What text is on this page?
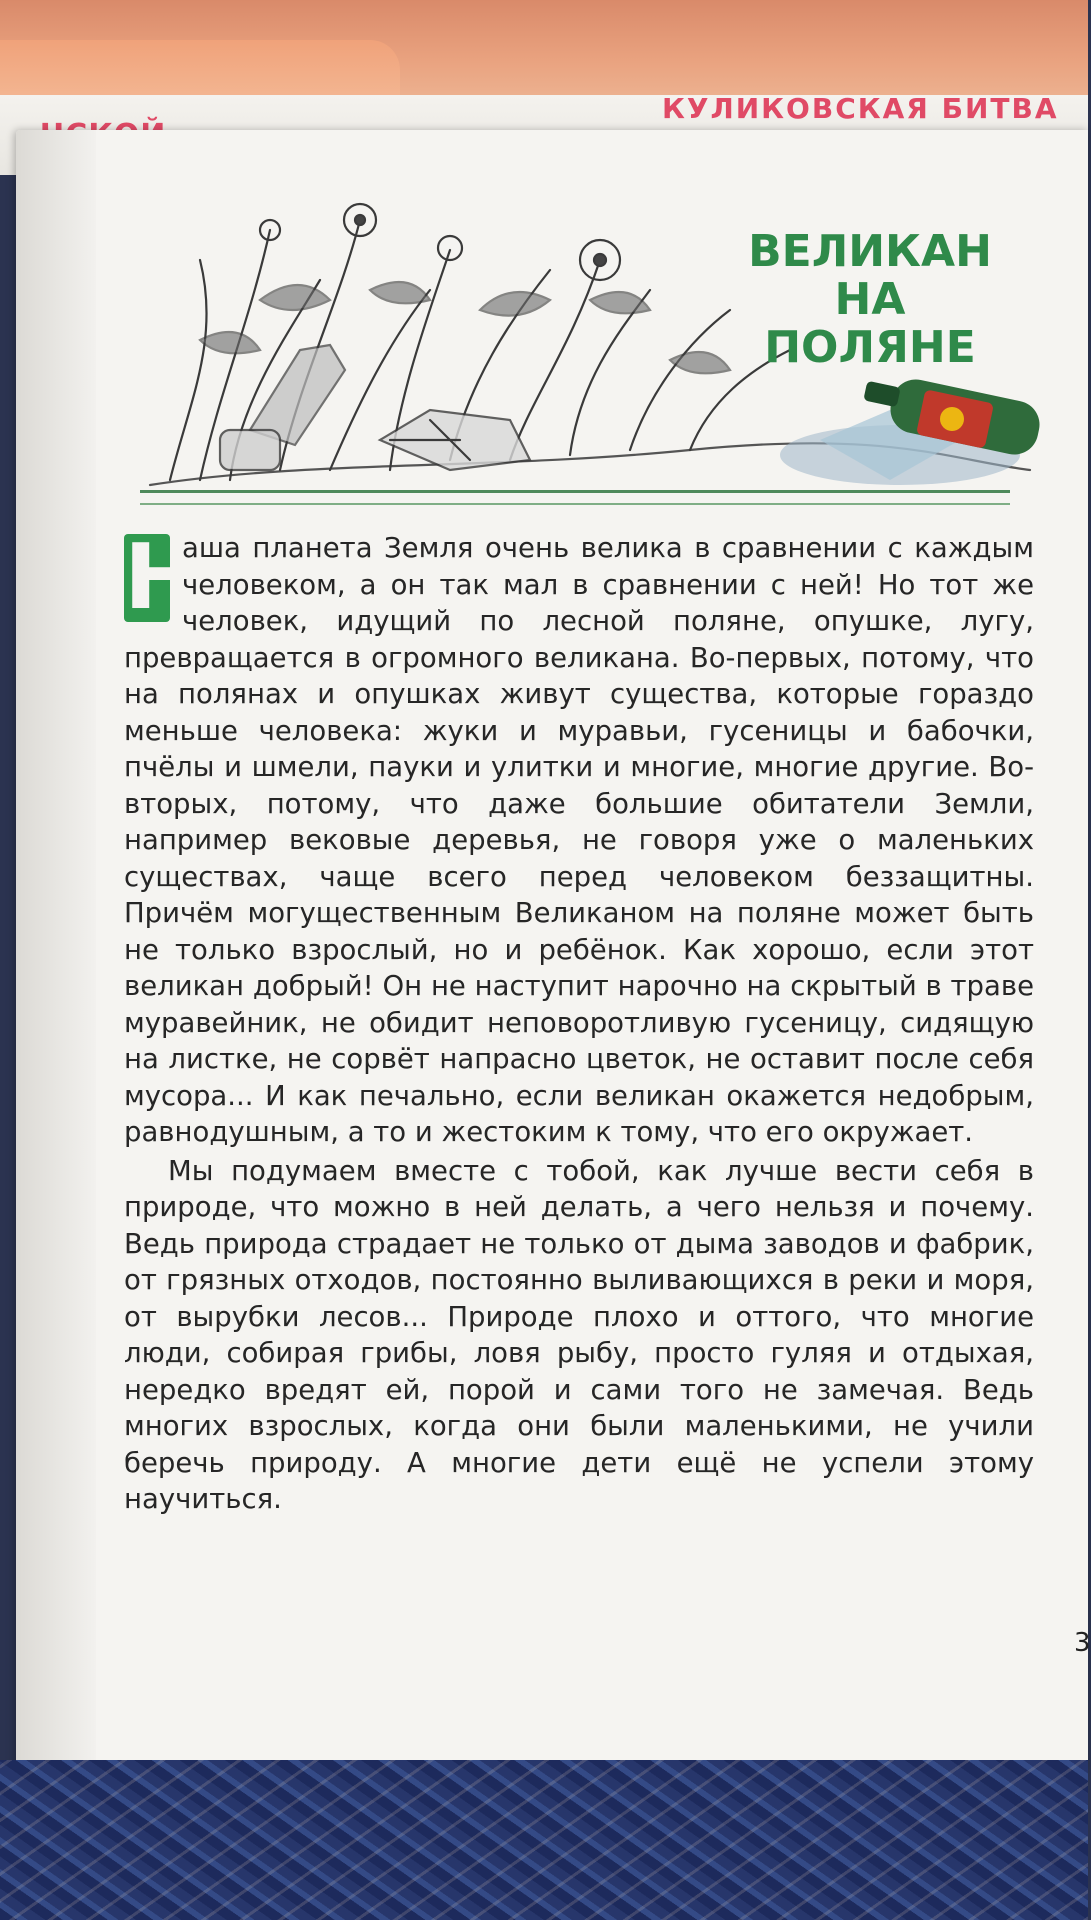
КУЛИКОВСКАЯ БИТВА
ВЕЛИКАН
НА ПОЛЯНЕ

Н
аша планета Земля очень велика в сравнении с каждым человеком, а он так мал в сравнении с ней! Но тот же человек, идущий по лесной поляне, опушке, лугу, превращается в огромного великана. Во-первых, потому, что на полянах и опушках живут существа, которые гораздо меньше человека: жуки и муравьи, гусеницы и бабочки, пчёлы и шмели, пауки и улитки и многие, многие другие. Во-вторых, потому, что даже большие обитатели Земли, например вековые деревья, не говоря уже о маленьких существах, чаще всего перед человеком беззащитны. Причём могущественным Великаном на поляне может быть не только взрослый, но и ребёнок. Как хорошо, если этот великан добрый! Он не наступит нарочно на скрытый в траве муравейник, не обидит неповоротливую гусеницу, сидящую на листке, не сорвёт напрасно цветок, не оставит после себя мусора... И как печально, если великан окажется недобрым, равнодушным, а то и жестоким к тому, что его окружает.

Мы подумаем вместе с тобой, как лучше вести себя в природе, что можно в ней делать, а чего нельзя и почему. Ведь природа страдает не только от дыма заводов и фабрик, от грязных отходов, постоянно выливающихся в реки и моря, от вырубки лесов... Природе плохо и оттого, что многие люди, собирая грибы, ловя рыбу, просто гуляя и отдыхая, нередко вредят ей, порой и сами того не замечая. Ведь многих взрослых, когда они были маленькими, не учили беречь природу. А многие дети ещё не успели этому научиться.

3
